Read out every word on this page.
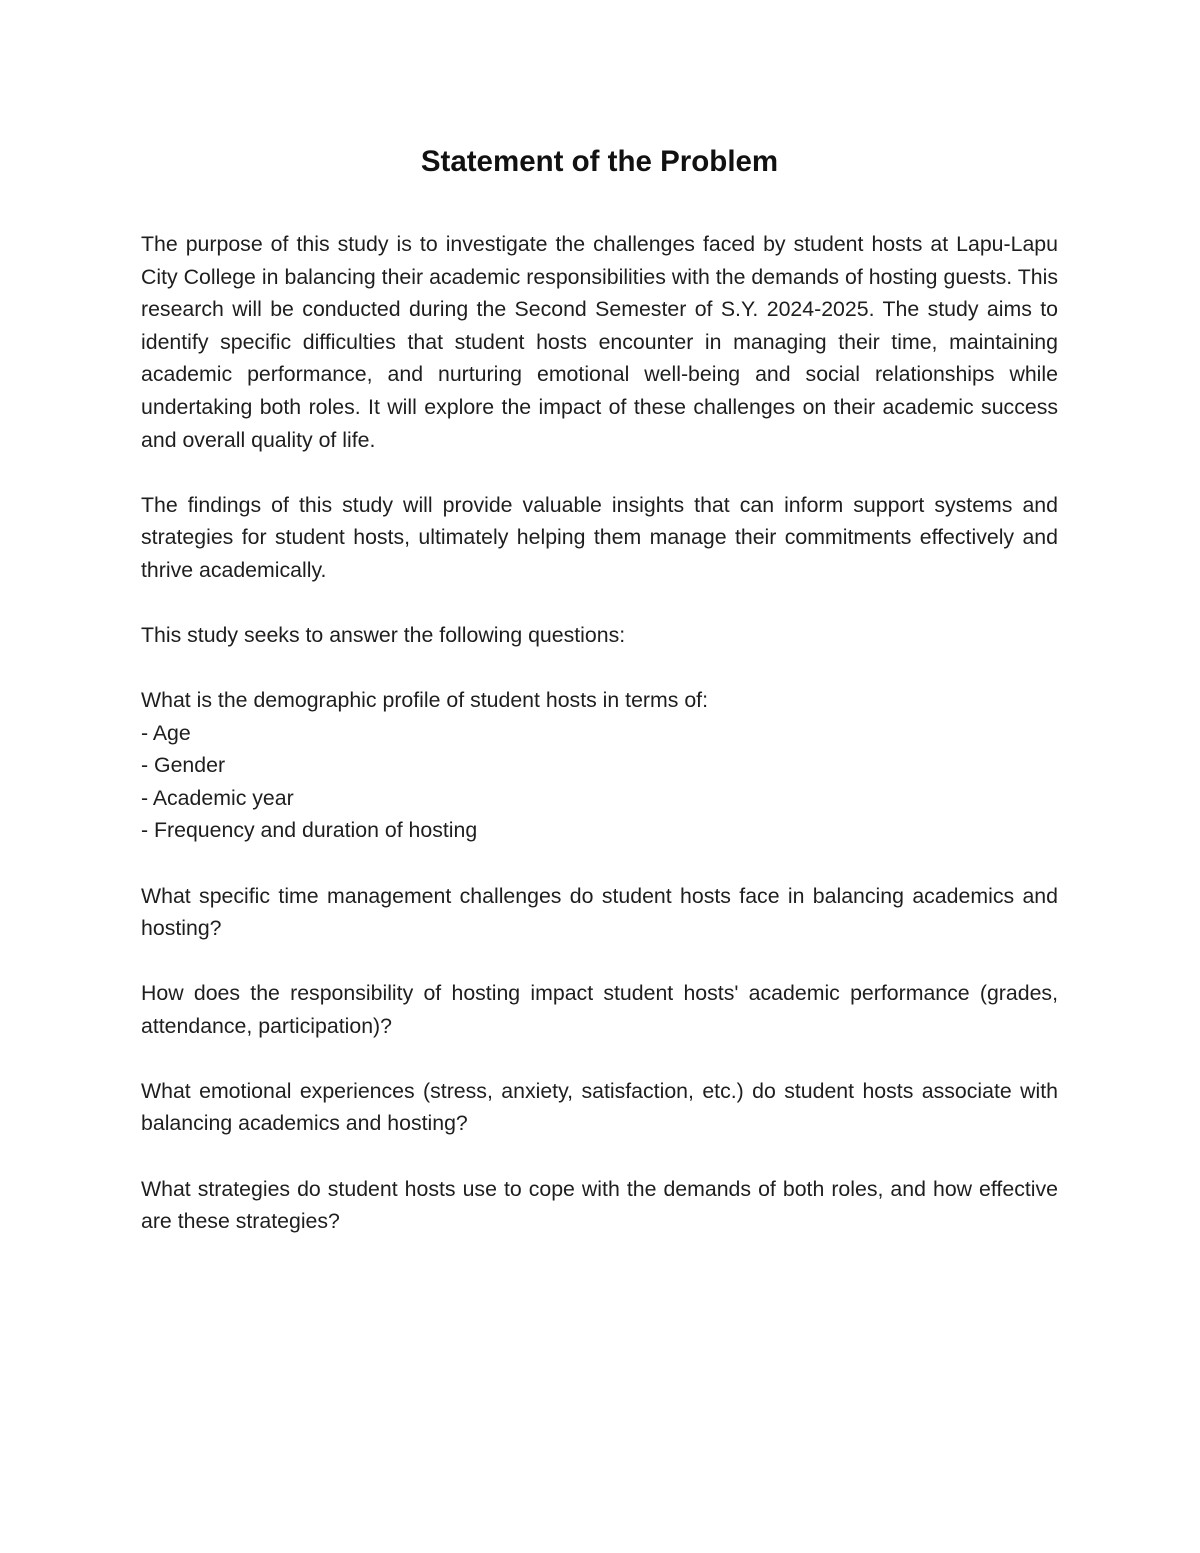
Statement of the Problem

The purpose of this study is to investigate the challenges faced by student hosts at Lapu-Lapu City College in balancing their academic responsibilities with the demands of hosting guests. This research will be conducted during the Second Semester of S.Y. 2024-2025. The study aims to identify specific difficulties that student hosts encounter in managing their time, maintaining academic performance, and nurturing emotional well-being and social relationships while undertaking both roles. It will explore the impact of these challenges on their academic success and overall quality of life.

The findings of this study will provide valuable insights that can inform support systems and strategies for student hosts, ultimately helping them manage their commitments effectively and thrive academically.

This study seeks to answer the following questions:

What is the demographic profile of student hosts in terms of:

- Age
- Gender
- Academic year
- Frequency and duration of hosting

What specific time management challenges do student hosts face in balancing academics and hosting?

How does the responsibility of hosting impact student hosts' academic performance (grades, attendance, participation)?

What emotional experiences (stress, anxiety, satisfaction, etc.) do student hosts associate with balancing academics and hosting?

What strategies do student hosts use to cope with the demands of both roles, and how effective are these strategies?
